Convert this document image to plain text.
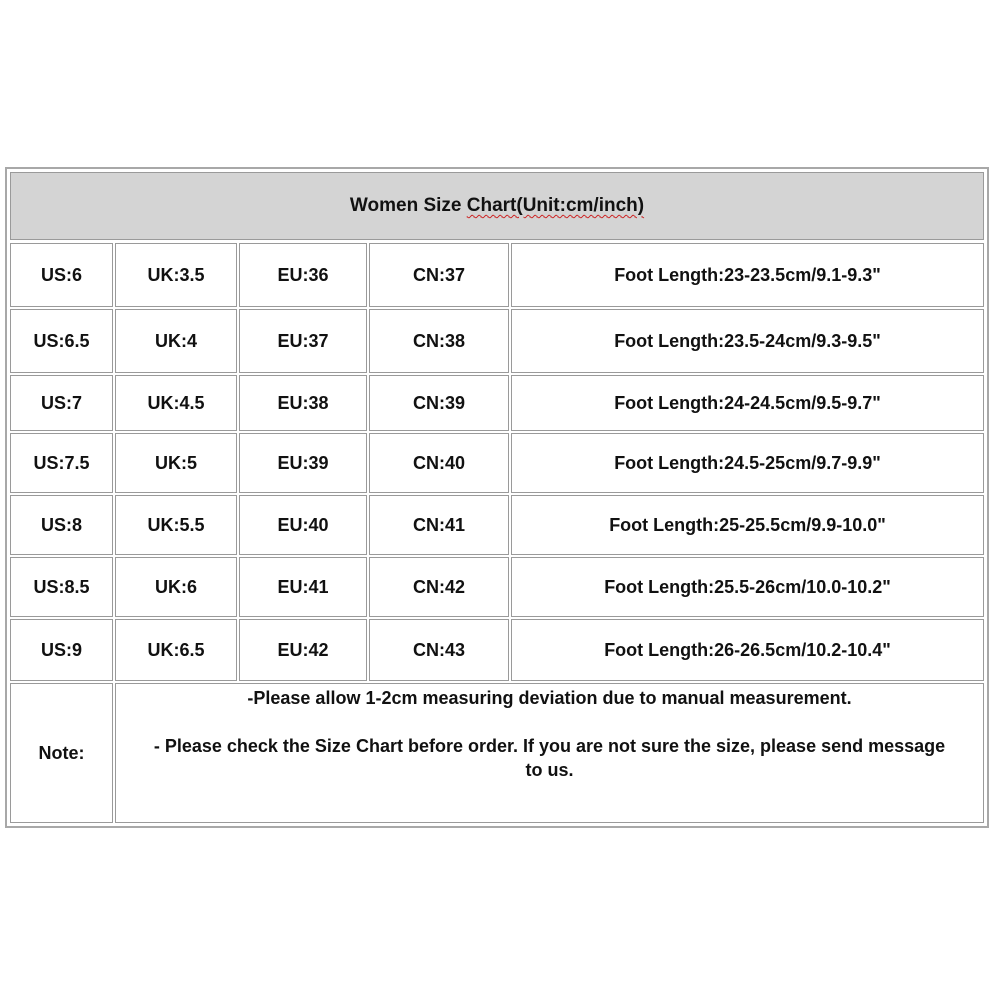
Women Size Chart(Unit:cm/inch)
US:6	UK:3.5	EU:36	CN:37	Foot Length:23-23.5cm/9.1-9.3"
US:6.5	UK:4	EU:37	CN:38	Foot Length:23.5-24cm/9.3-9.5"
US:7	UK:4.5	EU:38	CN:39	Foot Length:24-24.5cm/9.5-9.7"
US:7.5	UK:5	EU:39	CN:40	Foot Length:24.5-25cm/9.7-9.9"
US:8	UK:5.5	EU:40	CN:41	Foot Length:25-25.5cm/9.9-10.0"
US:8.5	UK:6	EU:41	CN:42	Foot Length:25.5-26cm/10.0-10.2"
US:9	UK:6.5	EU:42	CN:43	Foot Length:26-26.5cm/10.2-10.4"
Note:
-Please allow 1-2cm measuring deviation due to manual measurement.
- Please check the Size Chart before order. If you are not sure the size, please send message
to us.
